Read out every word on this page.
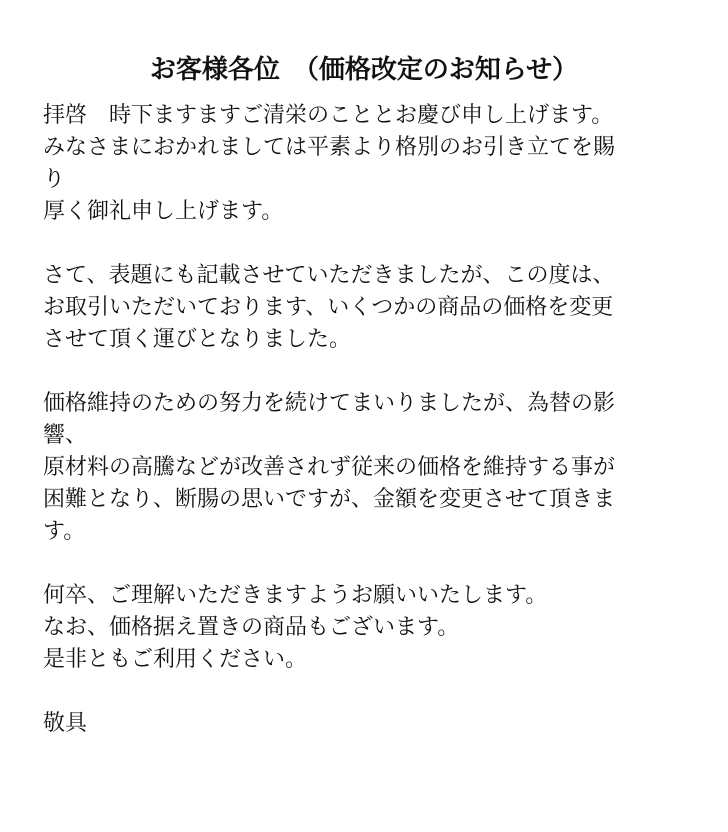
お客様各位　（価格改定のお知らせ）
拝啓　時下ますますご清栄のこととお慶び申し上げます。
みなさまにおかれましては平素より格別のお引き立てを賜
り
厚く御礼申し上げます。
さて、表題にも記載させていただきましたが、この度は、
お取引いただいております、いくつかの商品の価格を変更
させて頂く運びとなりました。
価格維持のための努力を続けてまいりましたが、為替の影
響、
原材料の高騰などが改善されず従来の価格を維持する事が
困難となり、断腸の思いですが、金額を変更させて頂きま
す。
何卒、ご理解いただきますようお願いいたします。
なお、価格据え置きの商品もございます。
是非ともご利用ください。
敬具
